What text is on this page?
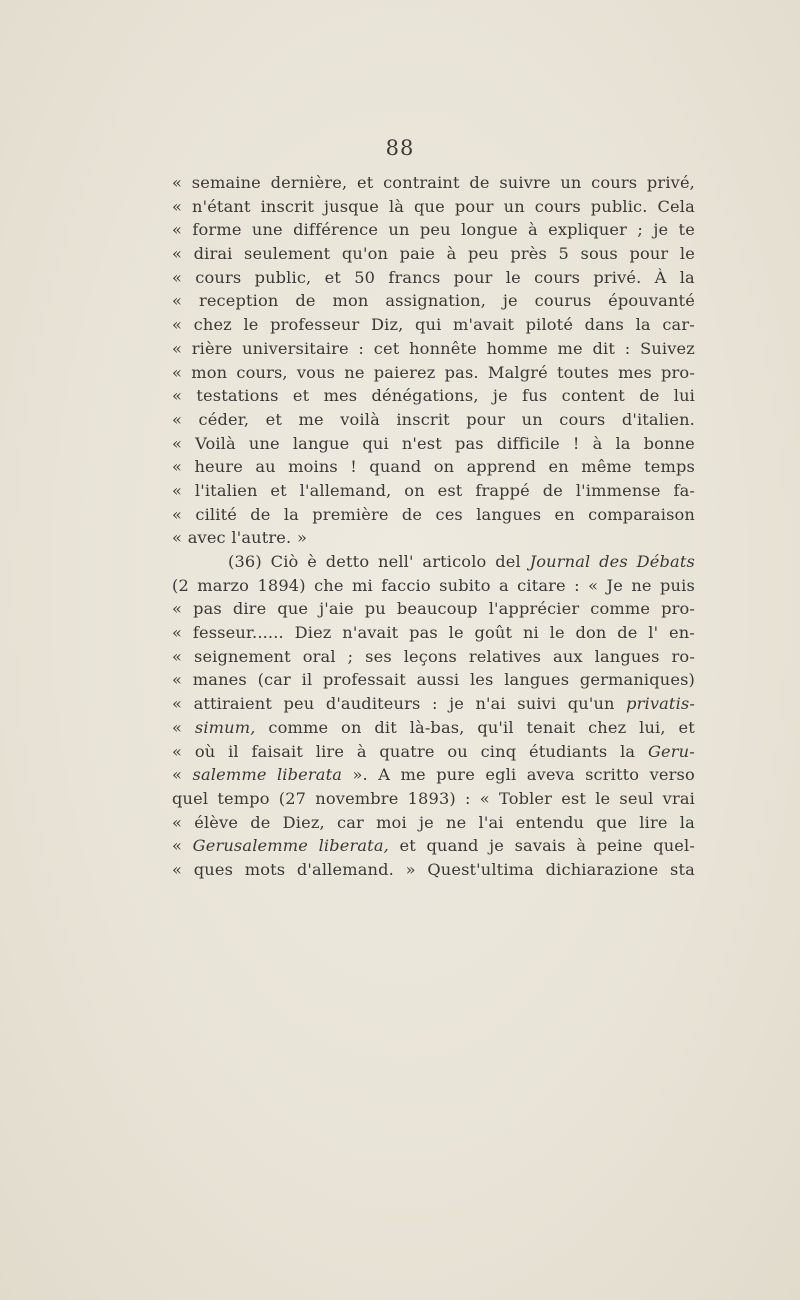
88
« semaine dernière, et contraint de suivre un cours privé,
« n'étant inscrit jusque là que pour un cours public. Cela
« forme une différence un peu longue à expliquer ; je te
« dirai seulement qu'on paie à peu près 5 sous pour le
« cours public, et 50 francs pour le cours privé. À la
« reception de mon assignation, je courus épouvanté
« chez le professeur Diz, qui m'avait piloté dans la car-
« rière universitaire : cet honnête homme me dit : Suivez
« mon cours, vous ne paierez pas. Malgré toutes mes pro-
« testations et mes dénégations, je fus content de lui
« céder, et me voilà inscrit pour un cours d'italien.
« Voilà une langue qui n'est pas difficile ! à la bonne
« heure au moins ! quand on apprend en même temps
« l'italien et l'allemand, on est frappé de l'immense fa-
« cilité de la première de ces langues en comparaison
« avec l'autre. »
(36) Ciò è detto nell' articolo del Journal des Débats
(2 marzo 1894) che mi faccio subito a citare : « Je ne puis
« pas dire que j'aie pu beaucoup l'apprécier comme pro-
« fesseur...... Diez n'avait pas le goût ni le don de l' en-
« seignement oral ; ses leçons relatives aux langues ro-
« manes (car il professait aussi les langues germaniques)
« attiraient peu d'auditeurs : je n'ai suivi qu'un privatis-
« simum, comme on dit là-bas, qu'il tenait chez lui, et
« où il faisait lire à quatre ou cinq étudiants la Geru-
« salemme liberata ». A me pure egli aveva scritto verso
quel tempo (27 novembre 1893) : « Tobler est le seul vrai
« élève de Diez, car moi je ne l'ai entendu que lire la
« Gerusalemme liberata, et quand je savais à peine quel-
« ques mots d'allemand. » Quest'ultima dichiarazione sta
